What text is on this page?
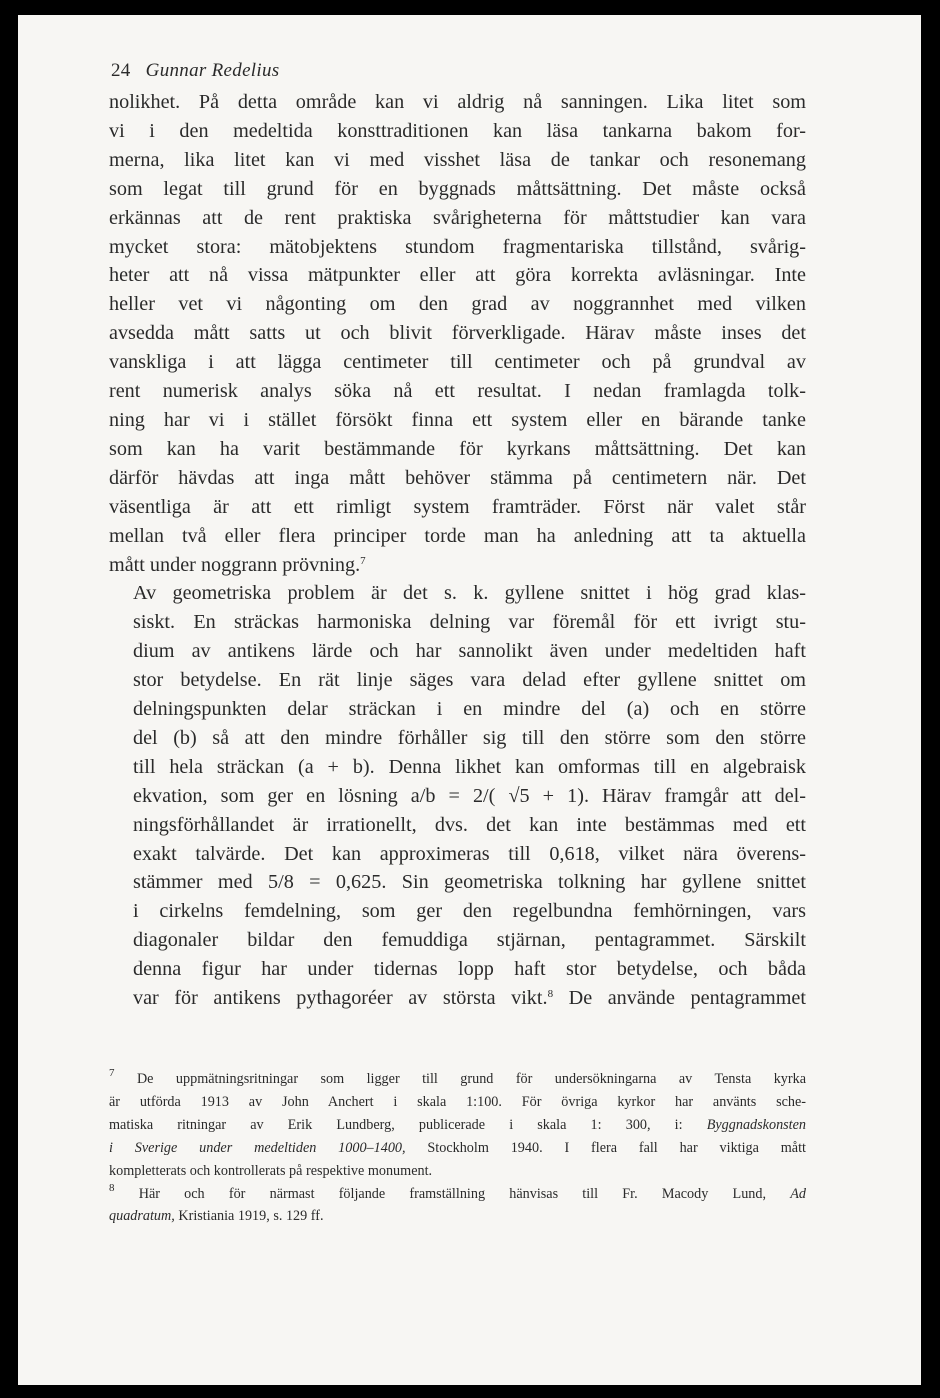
24 Gunnar Redelius

nolikhet. På detta område kan vi aldrig nå sanningen. Lika litet som
vi i den medeltida konsttraditionen kan läsa tankarna bakom for-
merna, lika litet kan vi med visshet läsa de tankar och resonemang
som legat till grund för en byggnads måttsättning. Det måste också
erkännas att de rent praktiska svårigheterna för måttstudier kan vara
mycket stora: mätobjektens stundom fragmentariska tillstånd, svårig-
heter att nå vissa mätpunkter eller att göra korrekta avläsningar. Inte
heller vet vi någonting om den grad av noggrannhet med vilken
avsedda mått satts ut och blivit förverkligade. Härav måste inses det
vanskliga i att lägga centimeter till centimeter och på grundval av
rent numerisk analys söka nå ett resultat. I nedan framlagda tolk-
ning har vi i stället försökt finna ett system eller en bärande tanke
som kan ha varit bestämmande för kyrkans måttsättning. Det kan
därför hävdas att inga mått behöver stämma på centimetern när. Det
väsentliga är att ett rimligt system framträder. Först när valet står
mellan två eller flera principer torde man ha anledning att ta aktuella
mått under noggrann prövning.$^7$

Av geometriska problem är det s. k. gyllene snittet i hög grad klas-
siskt. En sträckas harmoniska delning var föremål för ett ivrigt stu-
dium av antikens lärde och har sannolikt även under medeltiden haft
stor betydelse. En rät linje säges vara delad efter gyllene snittet om
delningspunkten delar sträckan i en mindre del (a) och en större
del (b) så att den mindre förhåller sig till den större som den större
till hela sträckan (a + b). Denna likhet kan omformas till en algebraisk
ekvation, som ger en lösning a/b = 2/( √5 + 1). Härav framgår att del-
ningsförhållandet är irrationellt, dvs. det kan inte bestämmas med ett
exakt talvärde. Det kan approximeras till 0,618, vilket nära överens-
stämmer med 5/8 = 0,625. Sin geometriska tolkning har gyllene snittet
i cirkelns femdelning, som ger den regelbundna femhörningen, vars
diagonaler bildar den femuddiga stjärnan, pentagrammet. Särskilt
denna figur har under tidernas lopp haft stor betydelse, och båda
var för antikens pythagoréer av största vikt.$^8$ De använde pentagrammet

$^7$ De uppmätningsritningar som ligger till grund för undersökningarna av Tensta kyrka
är utförda 1913 av John Anchert i skala 1:100. För övriga kyrkor har använts sche-
matiska ritningar av Erik Lundberg, publicerade i skala 1: 300, i: Byggnadskonsten
i Sverige under medeltiden 1000–1400, Stockholm 1940. I flera fall har viktiga mått
kompletterats och kontrollerats på respektive monument.

$^8$ Här och för närmast följande framställning hänvisas till Fr. Macody Lund, Ad
quadratum, Kristiania 1919, s. 129 ff.
